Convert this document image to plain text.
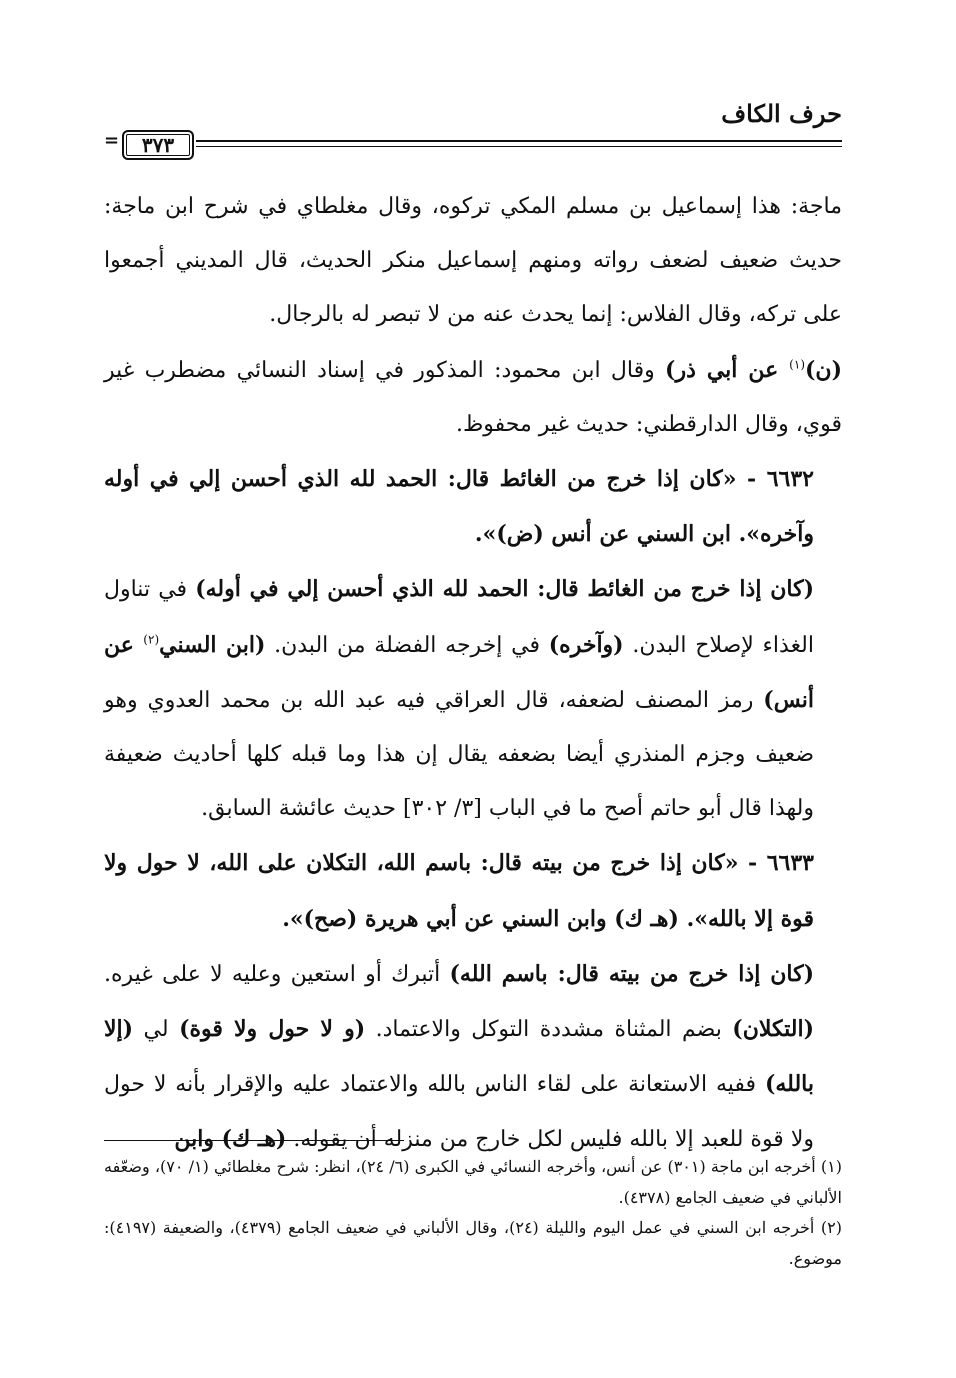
حرف الكاف
٣٧٣
=

ماجة: هذا إسماعيل بن مسلم المكي تركوه، وقال مغلطاي في شرح ابن ماجة: حديث ضعيف لضعف رواته ومنهم إسماعيل منكر الحديث، قال المديني أجمعوا على تركه، وقال الفلاس: إنما يحدث عنه من لا تبصر له بالرجال.

(ن)$^{(١)}$ عن أبي ذر) وقال ابن محمود: المذكور في إسناد النسائي مضطرب غير قوي، وقال الدارقطني: حديث غير محفوظ.

٦٦٣٢ - «كان إذا خرج من الغائط قال: الحمد لله الذي أحسن إلي في أوله وآخره». ابن السني عن أنس (ض)».

(كان إذا خرج من الغائط قال: الحمد لله الذي أحسن إلي في أوله) في تناول الغذاء لإصلاح البدن. (وآخره) في إخرجه الفضلة من البدن. (ابن السني$^{(٢)}$ عن أنس) رمز المصنف لضعفه، قال العراقي فيه عبد الله بن محمد العدوي وهو ضعيف وجزم المنذري أيضا بضعفه يقال إن هذا وما قبله كلها أحاديث ضعيفة ولهذا قال أبو حاتم أصح ما في الباب [٣/ ٣٠٢] حديث عائشة السابق.

٦٦٣٣ - «كان إذا خرج من بيته قال: باسم الله، التكلان على الله، لا حول ولا قوة إلا بالله». (هـ ك) وابن السني عن أبي هريرة (صح)».

(كان إذا خرج من بيته قال: باسم الله) أتبرك أو استعين وعليه لا على غيره. (التكلان) بضم المثناة مشددة التوكل والاعتماد. (و لا حول ولا قوة) لي (إلا بالله) ففيه الاستعانة على لقاء الناس بالله والاعتماد عليه والإقرار بأنه لا حول ولا قوة للعبد إلا بالله فليس لكل خارج من منزله أن يقوله. (هـ ك) وابن

(١) أخرجه ابن ماجة (٣٠١) عن أنس، وأخرجه النسائي في الكبرى (٦/ ٢٤)، انظر: شرح مغلطائي (١/ ٧٠)، وضعّفه الألباني في ضعيف الجامع (٤٣٧٨).

(٢) أخرجه ابن السني في عمل اليوم والليلة (٢٤)، وقال الألباني في ضعيف الجامع (٤٣٧٩)، والضعيفة (٤١٩٧): موضوع.
